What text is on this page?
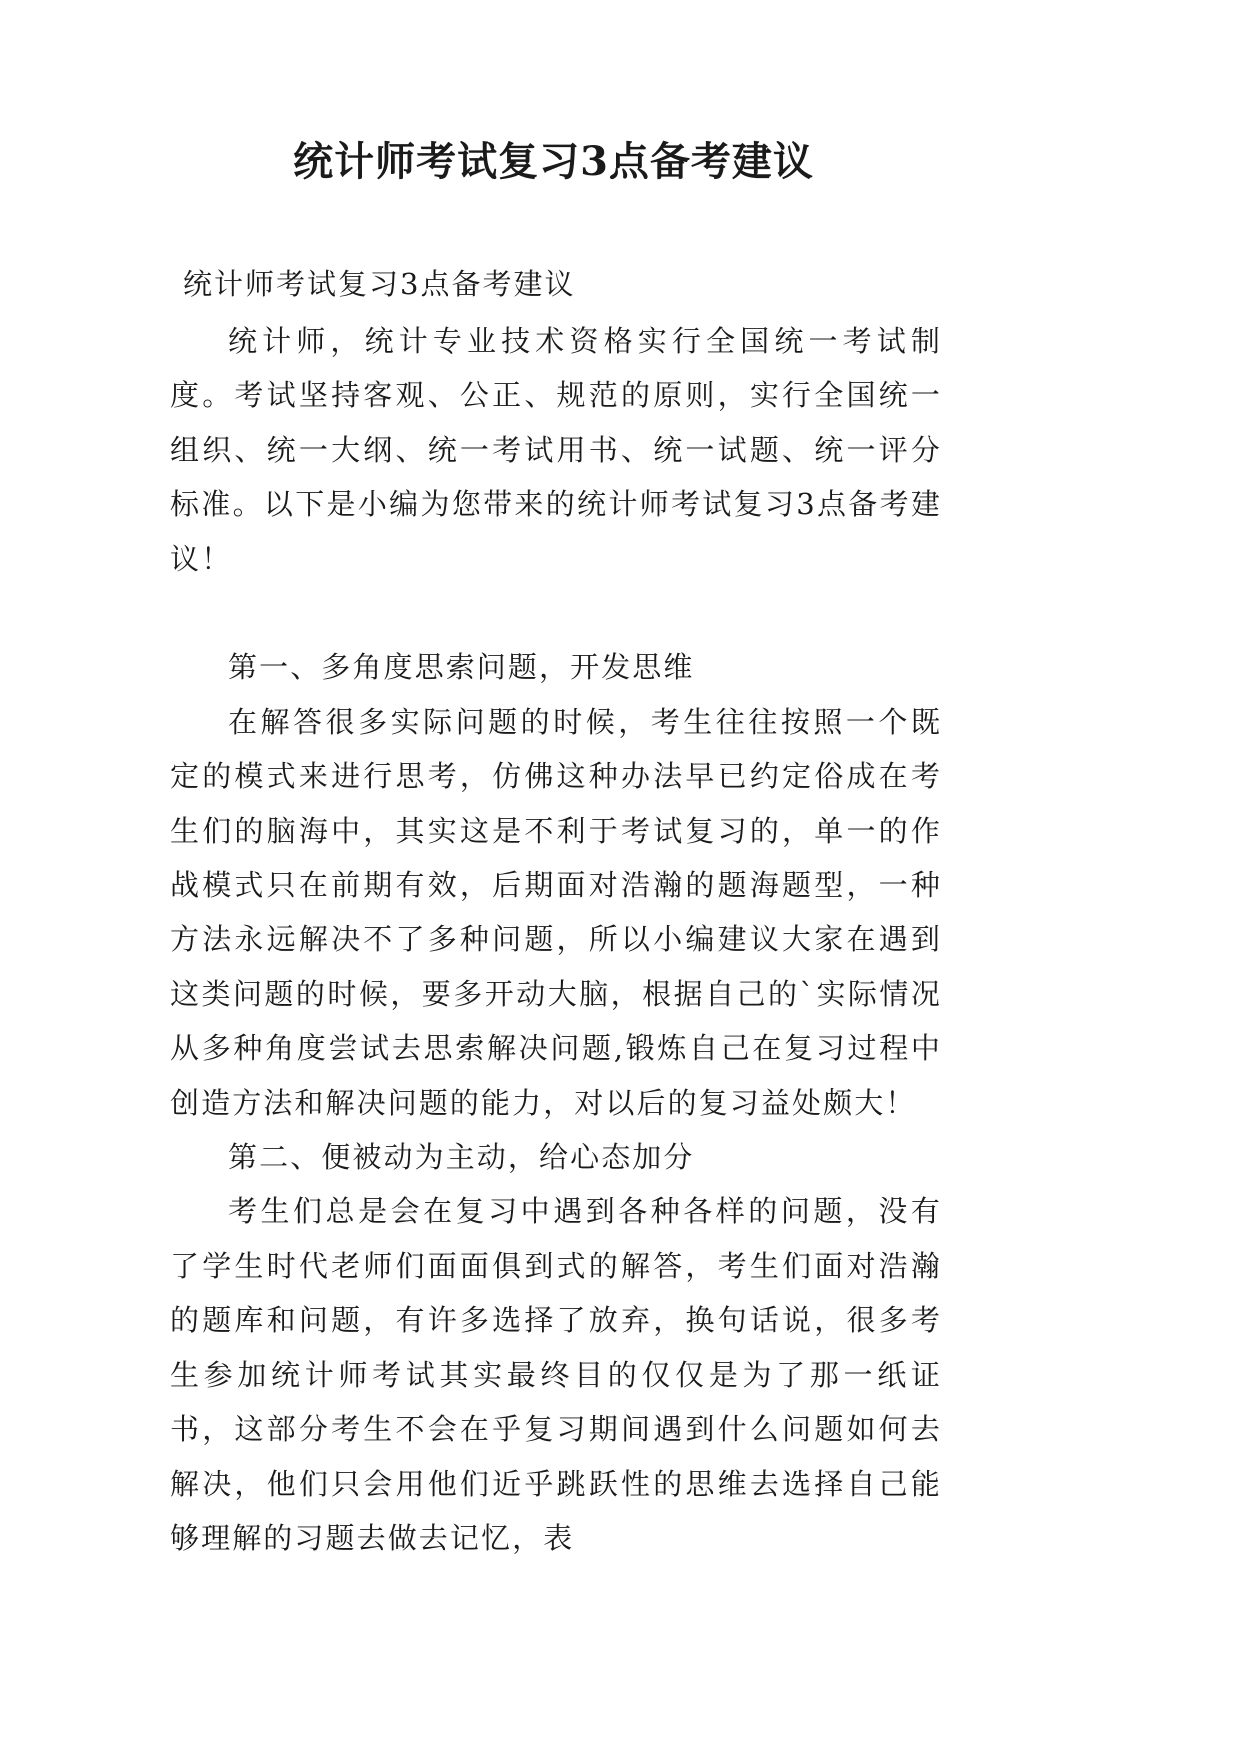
统计师考试复习3点备考建议
统计师考试复习3点备考建议

统计师，统计专业技术资格实行全国统一考试制度。考试坚持客观、公正、规范的原则，实行全国统一组织、统一大纲、统一考试用书、统一试题、统一评分标准。以下是小编为您带来的统计师考试复习3点备考建议！

第一、多角度思索问题，开发思维

在解答很多实际问题的时候，考生往往按照一个既定的模式来进行思考，仿佛这种办法早已约定俗成在考生们的脑海中，其实这是不利于考试复习的，单一的作战模式只在前期有效，后期面对浩瀚的题海题型，一种方法永远解决不了多种问题，所以小编建议大家在遇到这类问题的时候，要多开动大脑，根据自己的`实际情况从多种角度尝试去思索解决问题,锻炼自己在复习过程中创造方法和解决问题的能力，对以后的复习益处颇大！

第二、便被动为主动，给心态加分

考生们总是会在复习中遇到各种各样的问题，没有了学生时代老师们面面俱到式的解答，考生们面对浩瀚的题库和问题，有许多选择了放弃，换句话说，很多考生参加统计师考试其实最终目的仅仅是为了那一纸证书，这部分考生不会在乎复习期间遇到什么问题如何去解决，他们只会用他们近乎跳跃性的思维去选择自己能够理解的习题去做去记忆，表
